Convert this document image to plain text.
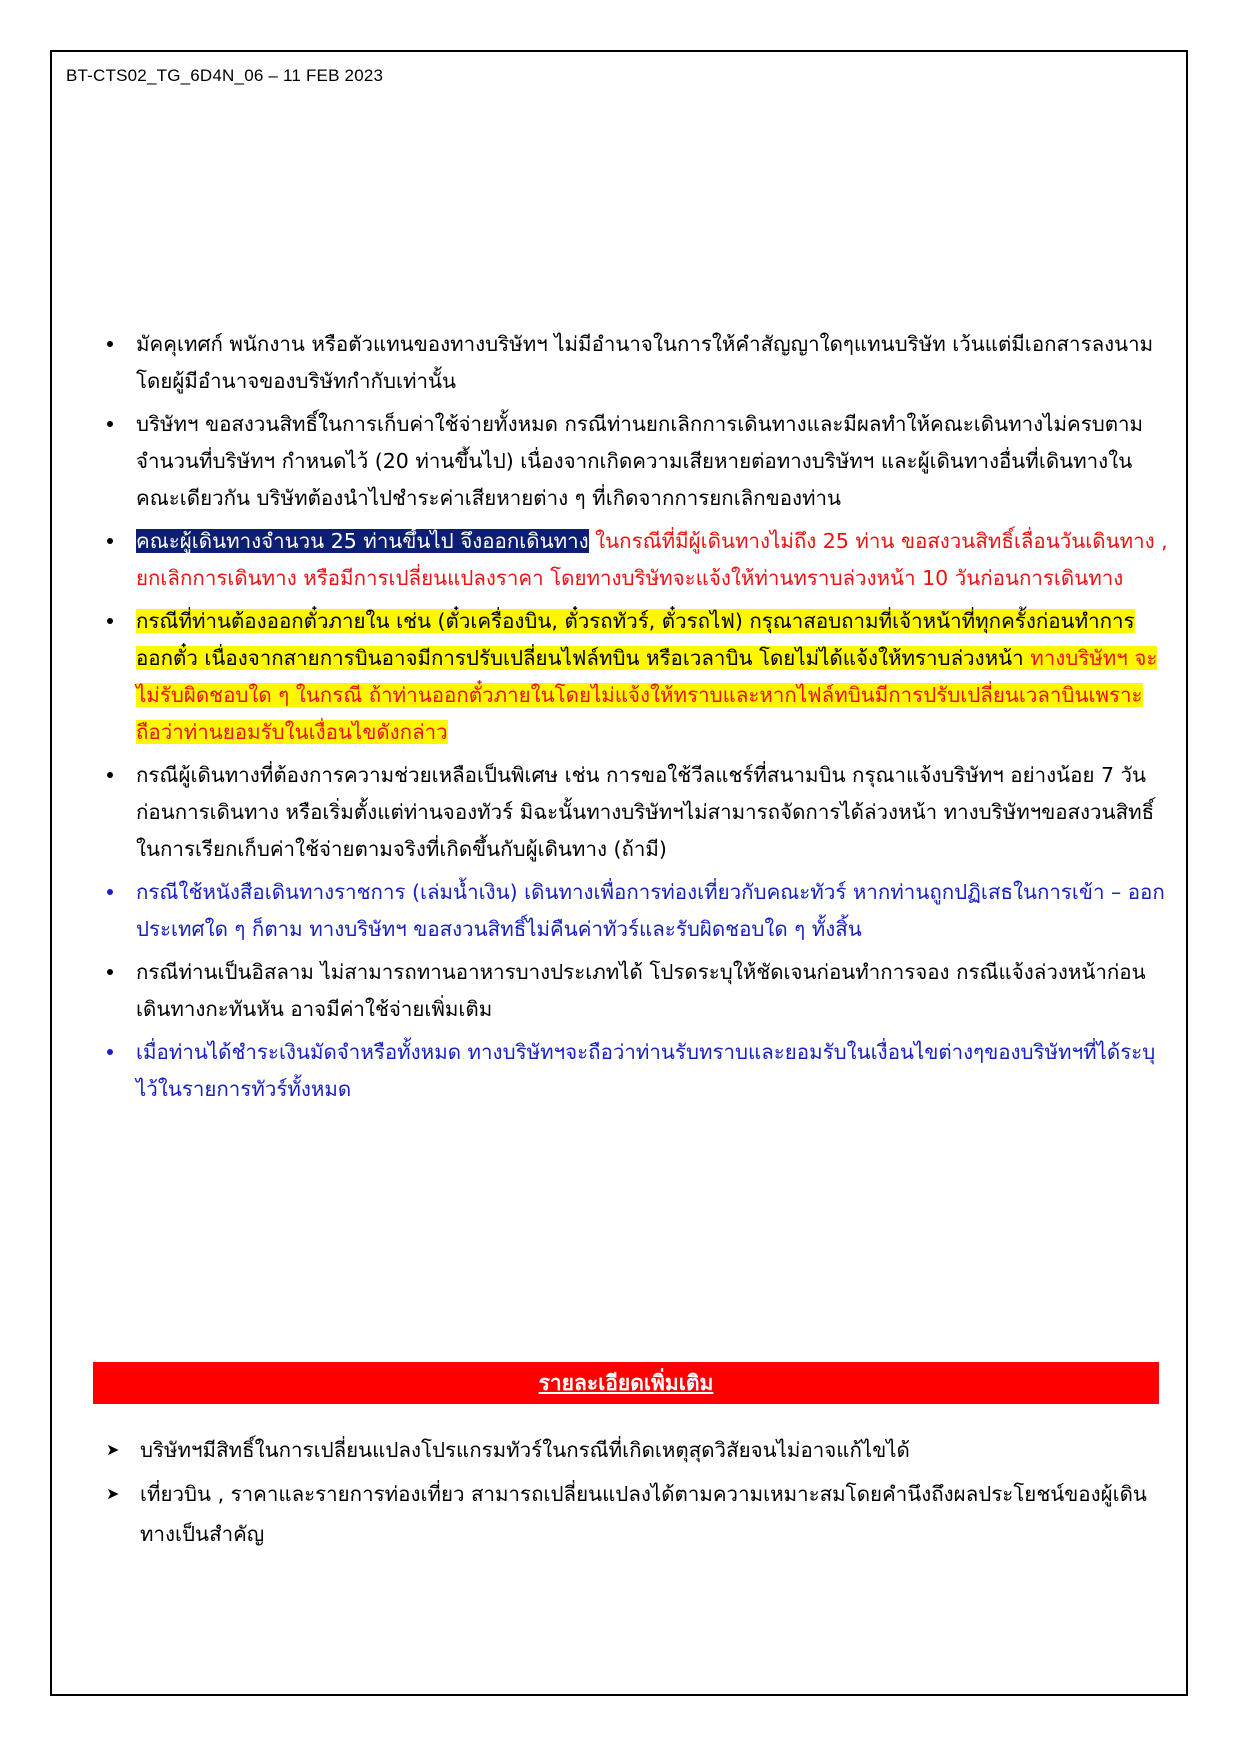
BT-CTS02_TG_6D4N_06 – 11 FEB 2023
มัคคุเทศก์ พนักงาน หรือตัวแทนของทางบริษัทฯ ไม่มีอำนาจในการให้คำสัญญาใดๆแทนบริษัท เว้นแต่มีเอกสารลงนามโดยผู้มีอำนาจของบริษัทกำกับเท่านั้น
บริษัทฯ ขอสงวนสิทธิ์ในการเก็บค่าใช้จ่ายทั้งหมด กรณีท่านยกเลิกการเดินทางและมีผลทำให้คณะเดินทางไม่ครบตามจำนวนที่บริษัทฯ กำหนดไว้ (20 ท่านขึ้นไป) เนื่องจากเกิดความเสียหายต่อทางบริษัทฯ และผู้เดินทางอื่นที่เดินทางในคณะเดียวกัน บริษัทต้องนำไปชำระค่าเสียหายต่าง ๆ ที่เกิดจากการยกเลิกของท่าน
คณะผู้เดินทางจำนวน 25 ท่านขึ้นไป จึงออกเดินทาง ในกรณีที่มีผู้เดินทางไม่ถึง 25 ท่าน ขอสงวนสิทธิ์เลื่อนวันเดินทาง , ยกเลิกการเดินทาง หรือมีการเปลี่ยนแปลงราคา โดยทางบริษัทจะแจ้งให้ท่านทราบล่วงหน้า 10 วันก่อนการเดินทาง
กรณีที่ท่านต้องออกตั๋วภายใน เช่น (ตั๋วเครื่องบิน, ตั๋วรถทัวร์, ตั๋วรถไฟ) กรุณาสอบถามที่เจ้าหน้าที่ทุกครั้งก่อนทำการออกตั๋ว เนื่องจากสายการบินอาจมีการปรับเปลี่ยนไฟล์ทบิน หรือเวลาบิน โดยไม่ได้แจ้งให้ทราบล่วงหน้า ทางบริษัทฯ จะไม่รับผิดชอบใด ๆ ในกรณี ถ้าท่านออกตั๋วภายในโดยไม่แจ้งให้ทราบและหากไฟล์ทบินมีการปรับเปลี่ยนเวลาบินเพราะถือว่าท่านยอมรับในเงื่อนไขดังกล่าว
กรณีผู้เดินทางที่ต้องการความช่วยเหลือเป็นพิเศษ เช่น การขอใช้วีลแชร์ที่สนามบิน กรุณาแจ้งบริษัทฯ อย่างน้อย 7 วันก่อนการเดินทาง หรือเริ่มตั้งแต่ท่านจองทัวร์ มิฉะนั้นทางบริษัทฯไม่สามารถจัดการได้ล่วงหน้า ทางบริษัทฯขอสงวนสิทธิ์ในการเรียกเก็บค่าใช้จ่ายตามจริงที่เกิดขึ้นกับผู้เดินทาง (ถ้ามี)
กรณีใช้หนังสือเดินทางราชการ (เล่มน้ำเงิน) เดินทางเพื่อการท่องเที่ยวกับคณะทัวร์ หากท่านถูกปฏิเสธในการเข้า – ออกประเทศใด ๆ ก็ตาม ทางบริษัทฯ ขอสงวนสิทธิ์ไม่คืนค่าทัวร์และรับผิดชอบใด ๆ ทั้งสิ้น
กรณีท่านเป็นอิสลาม ไม่สามารถทานอาหารบางประเภทได้ โปรดระบุให้ชัดเจนก่อนทำการจอง กรณีแจ้งล่วงหน้าก่อนเดินทางกะทันหัน อาจมีค่าใช้จ่ายเพิ่มเติม
เมื่อท่านได้ชำระเงินมัดจำหรือทั้งหมด ทางบริษัทฯจะถือว่าท่านรับทราบและยอมรับในเงื่อนไขต่างๆของบริษัทฯที่ได้ระบุไว้ในรายการทัวร์ทั้งหมด
รายละเอียดเพิ่มเติม
➤ บริษัทฯมีสิทธิ์ในการเปลี่ยนแปลงโปรแกรมทัวร์ในกรณีที่เกิดเหตุสุดวิสัยจนไม่อาจแก้ไขได้
➤ เที่ยวบิน , ราคาและรายการท่องเที่ยว สามารถเปลี่ยนแปลงได้ตามความเหมาะสมโดยคำนึงถึงผลประโยชน์ของผู้เดินทางเป็นสำคัญ
